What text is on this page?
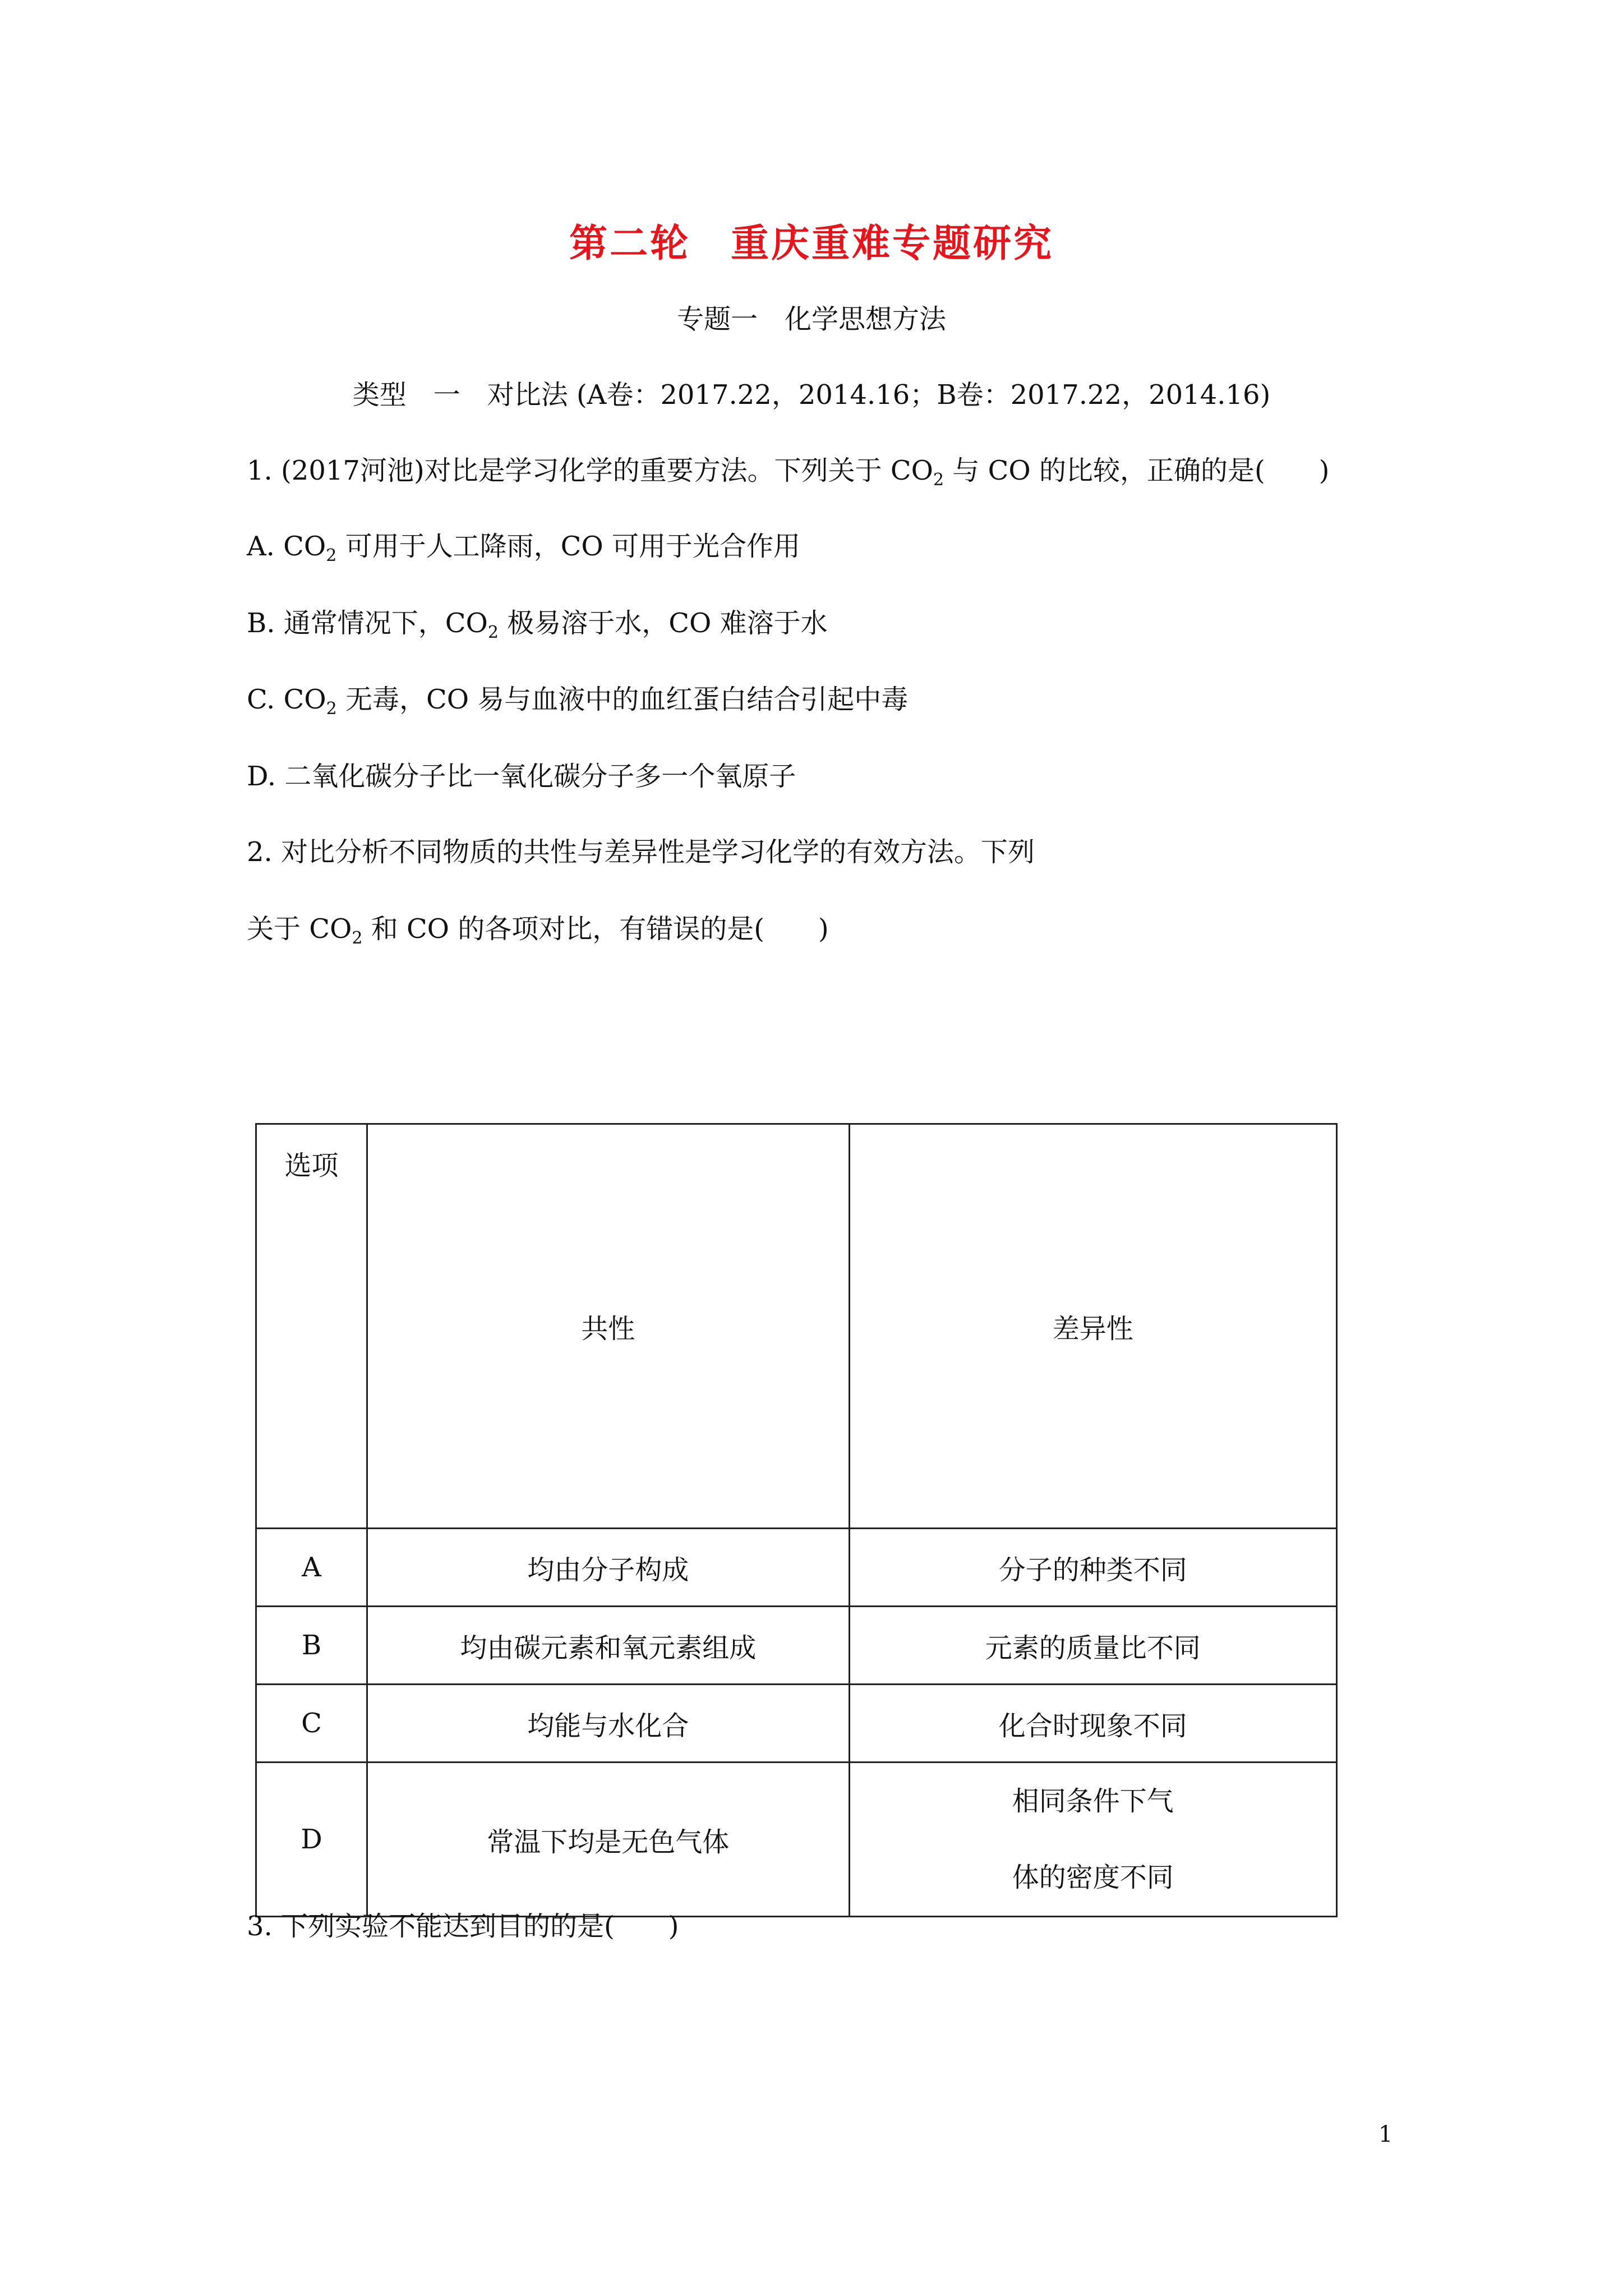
第二轮　重庆重难专题研究
专题一　化学思想方法
类型　一　对比法 (A卷：2017.22，2014.16；B卷：2017.22，2014.16)
1. (2017河池)对比是学习化学的重要方法。下列关于 $CO_2$ 与 CO 的比较，正确的是(　　)
A. $CO_2$ 可用于人工降雨，CO 可用于光合作用
B. 通常情况下，$CO_2$ 极易溶于水，CO 难溶于水
C. $CO_2$ 无毒，CO 易与血液中的血红蛋白结合引起中毒
D. 二氧化碳分子比一氧化碳分子多一个氧原子
2. 对比分析不同物质的共性与差异性是学习化学的有效方法。下列
关于 $CO_2$ 和 CO 的各项对比，有错误的是(　　)
选项	共性	差异性
A	均由分子构成	分子的种类不同
B	均由碳元素和氧元素组成	元素的质量比不同
C	均能与水化合	化合时现象不同
D	常温下均是无色气体	相同条件下气
体的密度不同
3. 下列实验不能达到目的的是(　　)
1
